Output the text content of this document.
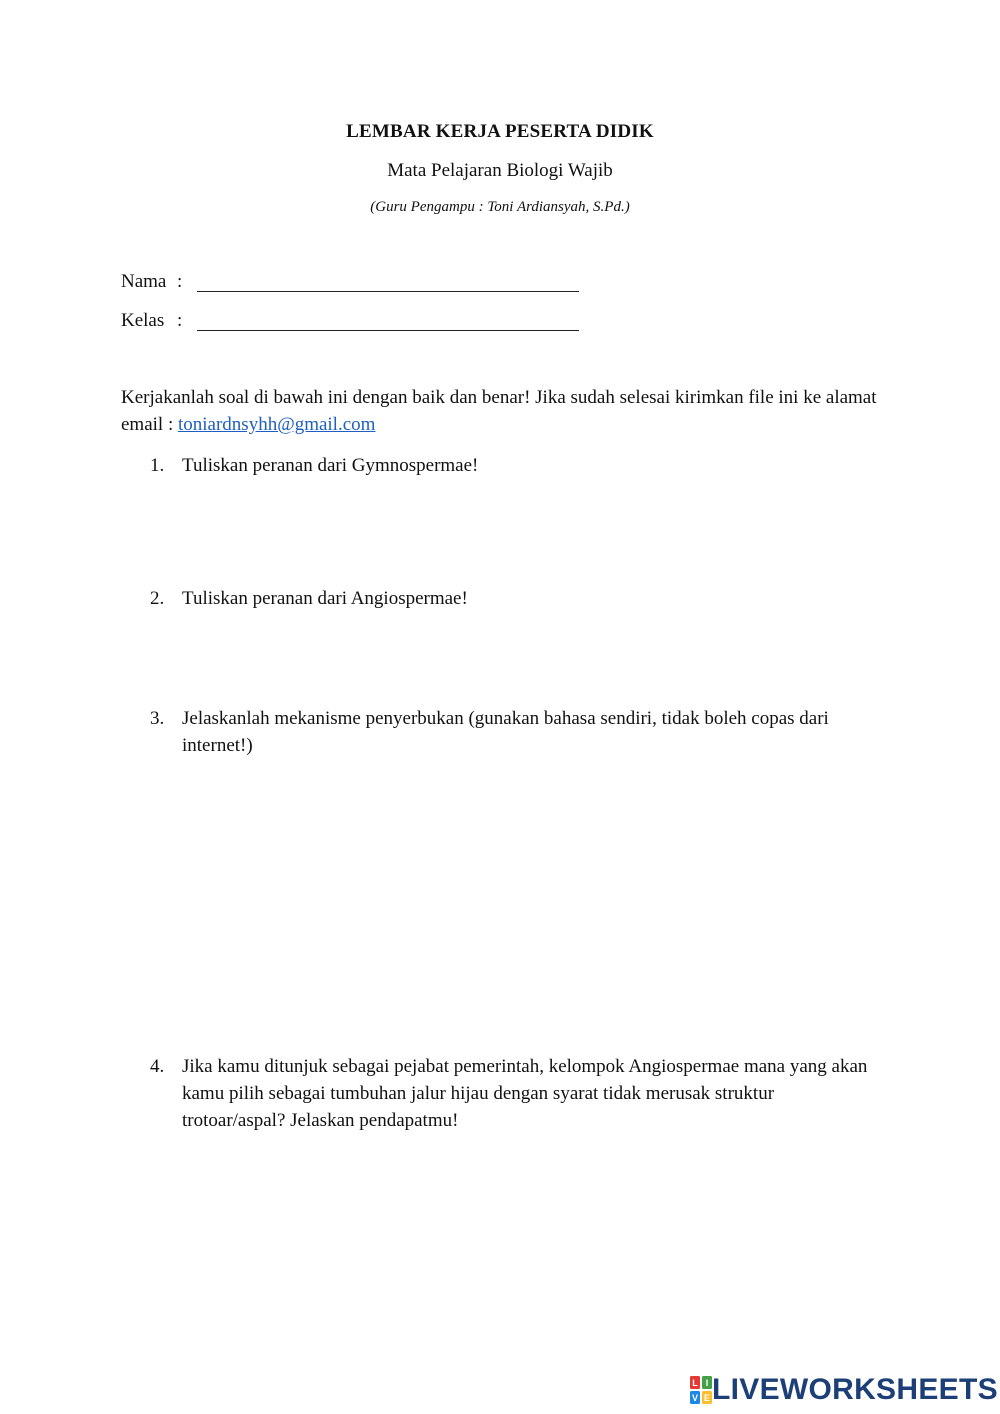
LEMBAR KERJA PESERTA DIDIK
Mata Pelajaran Biologi Wajib
(Guru Pengampu : Toni Ardiansyah, S.Pd.)
Nama :
Kelas :
Kerjakanlah soal di bawah ini dengan baik dan benar! Jika sudah selesai kirimkan file ini ke alamat email : toniardnsyhh@gmail.com
1. Tuliskan peranan dari Gymnospermae!
2. Tuliskan peranan dari Angiospermae!
3. Jelaskanlah mekanisme penyerbukan (gunakan bahasa sendiri, tidak boleh copas dari internet!)
4. Jika kamu ditunjuk sebagai pejabat pemerintah, kelompok Angiospermae mana yang akan kamu pilih sebagai tumbuhan jalur hijau dengan syarat tidak merusak struktur trotoar/aspal? Jelaskan pendapatmu!
L I
V E LIVEWORKSHEETS
